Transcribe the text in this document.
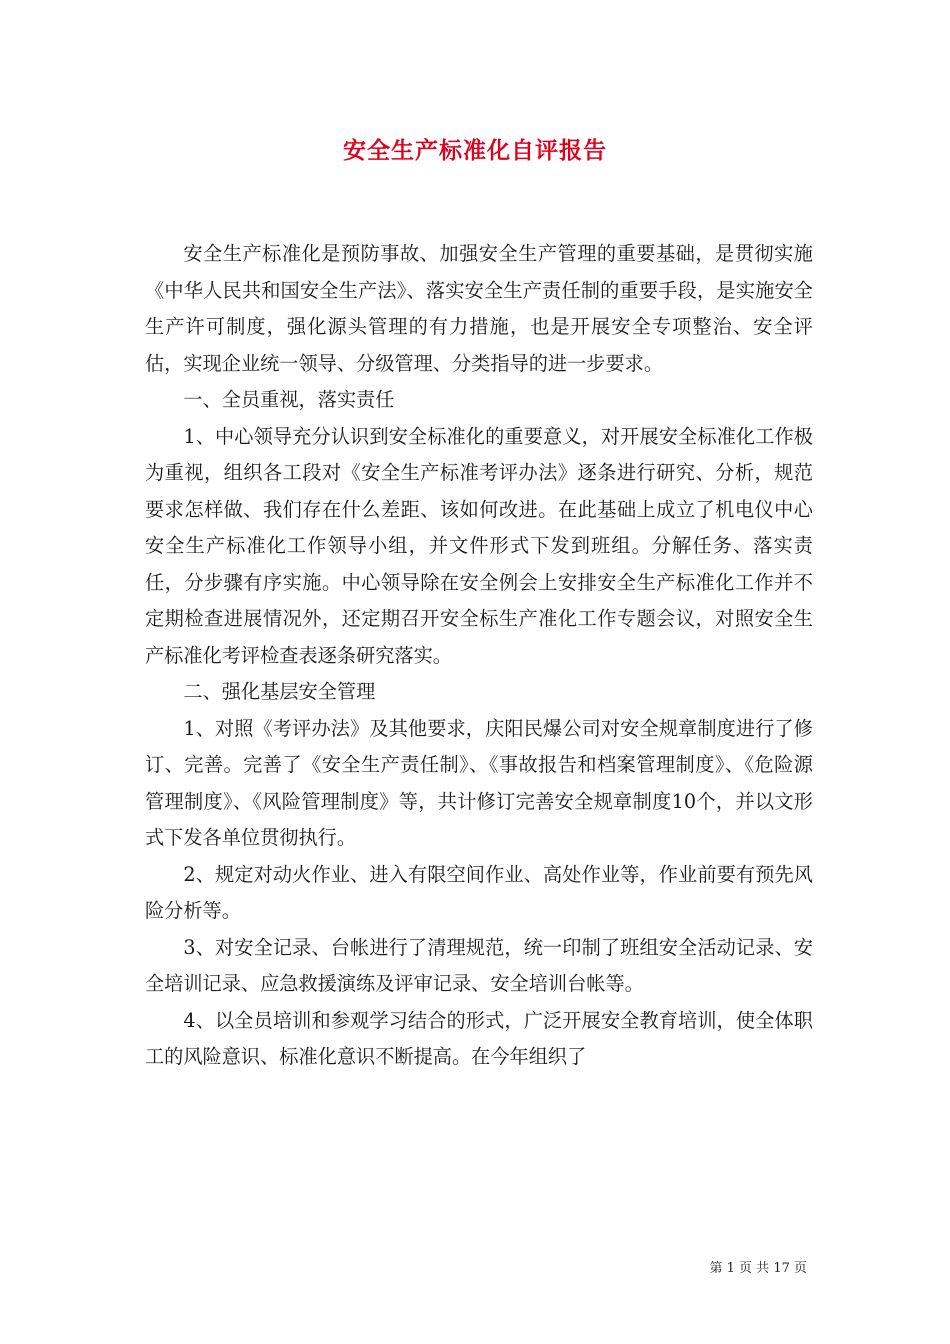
安全生产标准化自评报告

安全生产标准化是预防事故、加强安全生产管理的重要基础，是贯彻实施《中华人民共和国安全生产法》、落实安全生产责任制的重要手段，是实施安全生产许可制度，强化源头管理的有力措施，也是开展安全专项整治、安全评估，实现企业统一领导、分级管理、分类指导的进一步要求。

一、全员重视，落实责任

1、中心领导充分认识到安全标准化的重要意义，对开展安全标准化工作极为重视，组织各工段对《安全生产标准考评办法》逐条进行研究、分析，规范要求怎样做、我们存在什么差距、该如何改进。在此基础上成立了机电仪中心安全生产标准化工作领导小组，并文件形式下发到班组。分解任务、落实责任，分步骤有序实施。中心领导除在安全例会上安排安全生产标准化工作并不定期检查进展情况外，还定期召开安全标生产准化工作专题会议，对照安全生产标准化考评检查表逐条研究落实。

二、强化基层安全管理

1、对照《考评办法》及其他要求，庆阳民爆公司对安全规章制度进行了修订、完善。完善了《安全生产责任制》、《事故报告和档案管理制度》、《危险源管理制度》、《风险管理制度》等，共计修订完善安全规章制度10个，并以文形式下发各单位贯彻执行。

2、规定对动火作业、进入有限空间作业、高处作业等，作业前要有预先风险分析等。

3、对安全记录、台帐进行了清理规范，统一印制了班组安全活动记录、安全培训记录、应急救援演练及评审记录、安全培训台帐等。

4、以全员培训和参观学习结合的形式，广泛开展安全教育培训，使全体职工的风险意识、标准化意识不断提高。在今年组织了

第 1 页 共 17 页
